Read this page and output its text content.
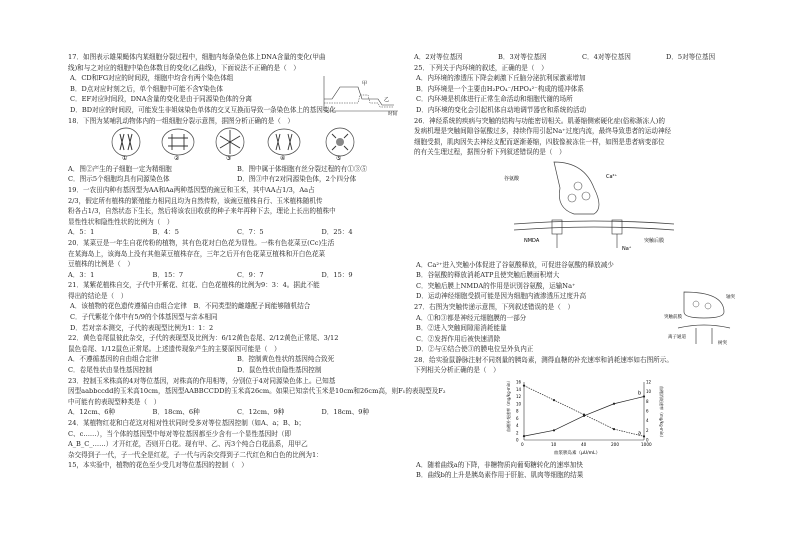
17．如图表示雄果蝇体内某细胞分裂过程中，细胞内每条染色体上DNA含量的变化(甲曲
线)和与之对应的细胞中染色体数目的变化(乙曲线)，下面说法不正确的是（　）
A．CD和FG对应的时间段，细胞中均含有两个染色体组
B．D点对应时刻之后，单个细胞中可能不含Y染色体
C．EF对应时间段，DNA含量的变化是由于同源染色体的分离
D．BD对应的时间段，可能发生非姐妹染色单体的交叉互换而导致一条染色体上的基因变化
甲
乙
时间
18．下图为某哺乳动物体内的一组细胞分裂示意图，据图分析正确的是（　）
①	②	③	④	⑤
A．图②产生的子细胞一定为精细胞	B．图中属于体细胞有丝分裂过程的有①③⑤
C．图示5个细胞均具有同源染色体	D．图③中有2对同源染色体，2个四分体
19．一农田内种有基因型为AA和Aa两种基因型的豌豆和玉米，其中AA占1/3，Aa占
2/3，假定所有植株的繁殖能力相同且均为自然传粉，该豌豆植株自行、玉米植株随机传
粉各占1/3，自然状态下生长，然后将该农田收获的种子来年再种下去，理论上长出的植株中
显性性状和隐性性状的比例为（　）
A．5：1	B．4：5	C．7：5	D．25：4
20．某菜豆是一年生自花传粉的植物，其有色花对白色花为显性。一株有色花菜豆(Cc)生活
在某海岛上，该海岛上没有其他菜豆植株存在，三年之后开有色花菜豆植株和开白色花菜
豆植株的比例是（　）
A．3：1	B．15：7	C．9：7	D．15：9
21．某紫花植株自交，子代中开紫花、红花、白色花植株的比例为9：3：4。据此不能
得出的结论是（　）
A．该植物的花色遗传遵循自由组合定律　B．不同类型的雌雄配子间能够随机结合
C．子代紫花个体中有5/9的个体基因型与亲本相同
D．若对亲本测交，子代的表现型比例为1：1：2
22．黄色卷尾鼠彼此杂交，子代的表现型及比例为：6/12黄色卷尾、2/12黄色正常尾、3/12
鼠色卷尾、1/12鼠色正常尾。上述遗传现象产生的主要原因可能是（　）
A．不遵循基因的自由组合定律	B．控制黄色性状的基因纯合致死
C．卷尾性状由显性基因控制	D．鼠色性状由隐性基因控制
23．控制玉米株高的4对等位基因，对株高的作用相等，分别位于4对同源染色体上。已知基
因型aabbccdd的玉米高10cm，基因型AABBCCDD的玉米高26cm。如果已知亲代玉米是10cm和26cm高，则F₁的表现型及F₂
中可能有的表现型种类是（　）
A．12cm、6种	B．18cm、6种	C．12cm、9种	D．18cm、9种
24．某植物红花和白花这对相对性状同时受多对等位基因控制（如A、a；B、b；
C、c……），当个体的基因型中每对等位基因都至少含有一个显性基因时（即
A_B_C_……）才开红花，否则开白花。现有甲、乙、丙3个纯合白花品系，用甲乙
杂交得到子一代，子一代全是红花，子一代与丙杂交得到子二代红色和白色的比例为1：
15，本实验中，植物的花色至少受几对等位基因的控制（　）
A．2对等位基因	B．3对等位基因	C．4对等位基因	D．5对等位基因
25．下列关于内环境的叙述，正确的是（　）
A．内环境的渗透压下降会刺激下丘脑分泌抗利尿激素增加
B．内环境是一个主要由H₂PO₄⁻/HPO₄²⁻构成的缓冲体系
C．内环境是机体进行正常生命活动和细胞代谢的场所
D．内环境的变化会引起机体自动地调节器官和系统的活动
26．神经系统的疾病与突触的结构与功能密切相关。肌萎缩侧索硬化症(俗称渐冻人)的
发病机理是突触间隙谷氨酸过多，持续作用引起Na⁺过度内流，最终导致患者的运动神经
细胞受损，肌肉因失去神经支配而逐渐萎缩，四肢像被冻住一样，如图是患者病变部位
的有关生理过程，据图分析下列叙述错误的是（　）
谷氨酸
NMDA
Ca²⁺
Na⁺
突触后膜
A．Ca²⁺进入突触小体促进了谷氨酸释放，可促进谷氨酸的释放减少
B．谷氨酸的释放消耗ATP且使突触后膜面积增大
C．突触后膜上NMDA的作用是识别谷氨酸，运输Na⁺
D．运动神经细胞受损可能是因为细胞内液渗透压过度升高
27．右图为突触传递示意图，下列叙述错误的是（　）
A．①和③都是神经元细胞膜的一部分
B．②进入突触间隙需消耗能量
C．②发挥作用后被快速清除
D．②与④结合使③的膜电位呈外负内正
轴突
突触前膜
离子通道
树突
28．给实验鼠静脉注射不同剂量的胰岛素，测得血糖的补充速率和消耗速率如右图所示。
下列相关分析正确的是（　）
0	10	40	200	1000
0
2
4
6
8
10
12
14
16
0
2
4
6
8
10
12
血浆胰岛素（μU/mL）
血糖补充速率（mg/kg·min）	血糖消耗速率（mg/kg·min）
a
b
A．随着曲线a的下降，非糖物质向葡萄糖转化的速率加快
B．曲线b的上升是胰岛素作用于肝脏、肌肉等细胞的结果
